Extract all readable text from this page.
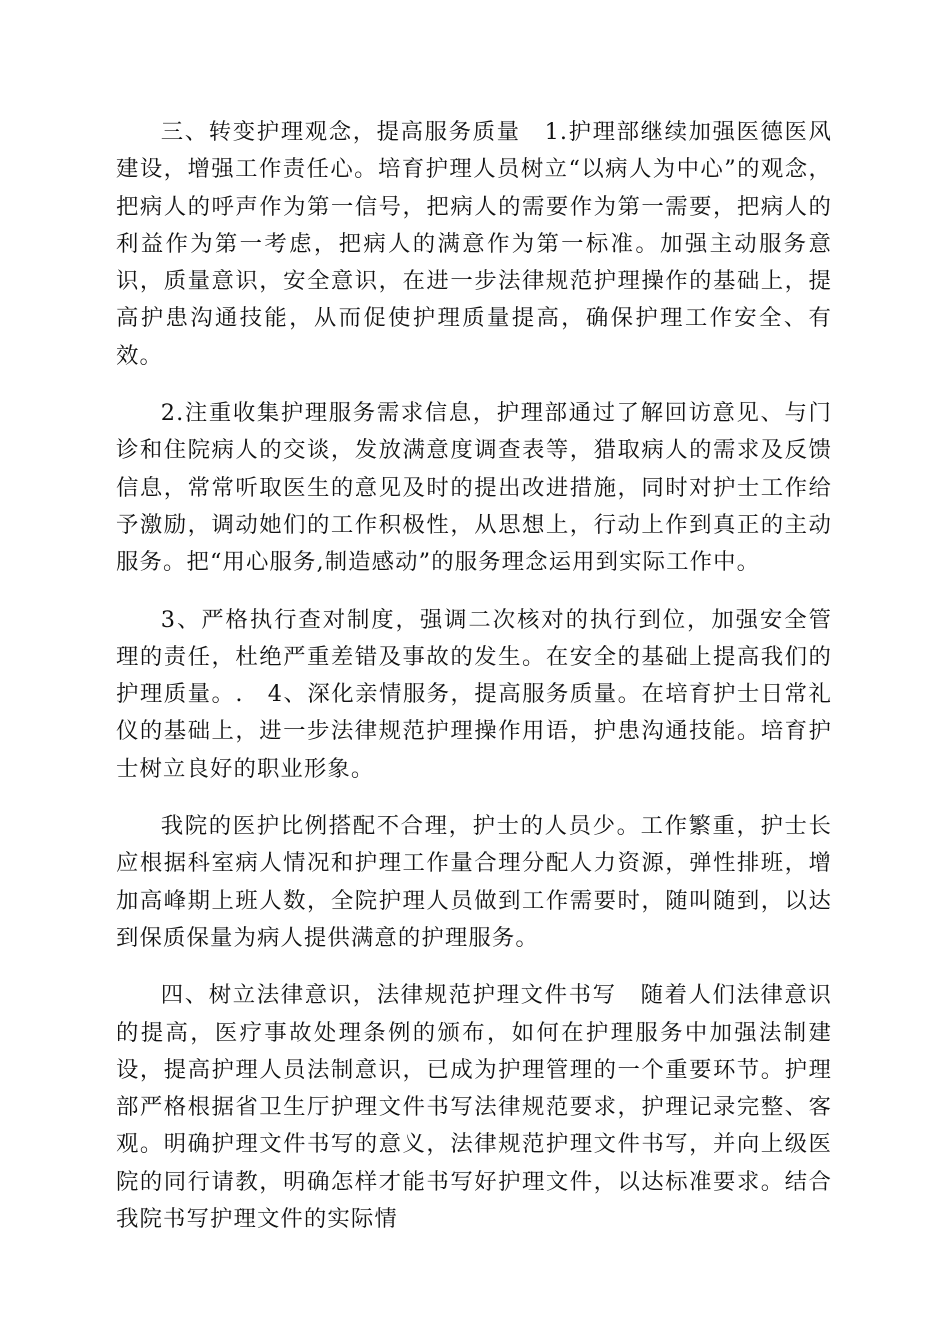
三、转变护理观念，提高服务质量　1.护理部继续加强医德医风建设，增强工作责任心。培育护理人员树立“以病人为中心”的观念，把病人的呼声作为第一信号，把病人的需要作为第一需要，把病人的利益作为第一考虑，把病人的满意作为第一标准。加强主动服务意识，质量意识，安全意识，在进一步法律规范护理操作的基础上，提高护患沟通技能，从而促使护理质量提高，确保护理工作安全、有效。

2.注重收集护理服务需求信息，护理部通过了解回访意见、与门诊和住院病人的交谈，发放满意度调查表等，猎取病人的需求及反馈信息，常常听取医生的意见及时的提出改进措施，同时对护士工作给予激励，调动她们的工作积极性，从思想上，行动上作到真正的主动服务。把“用心服务,制造感动”的服务理念运用到实际工作中。

3、严格执行查对制度，强调二次核对的执行到位，加强安全管理的责任，杜绝严重差错及事故的发生。在安全的基础上提高我们的护理质量。.　4、深化亲情服务，提高服务质量。在培育护士日常礼仪的基础上，进一步法律规范护理操作用语，护患沟通技能。培育护士树立良好的职业形象。

我院的医护比例搭配不合理，护士的人员少。工作繁重，护士长应根据科室病人情况和护理工作量合理分配人力资源，弹性排班，增加高峰期上班人数，全院护理人员做到工作需要时，随叫随到，以达到保质保量为病人提供满意的护理服务。

四、树立法律意识，法律规范护理文件书写　随着人们法律意识的提高，医疗事故处理条例的颁布，如何在护理服务中加强法制建设，提高护理人员法制意识，已成为护理管理的一个重要环节。护理部严格根据省卫生厅护理文件书写法律规范要求，护理记录完整、客观。明确护理文件书写的意义，法律规范护理文件书写，并向上级医院的同行请教，明确怎样才能书写好护理文件，以达标准要求。结合我院书写护理文件的实际情
